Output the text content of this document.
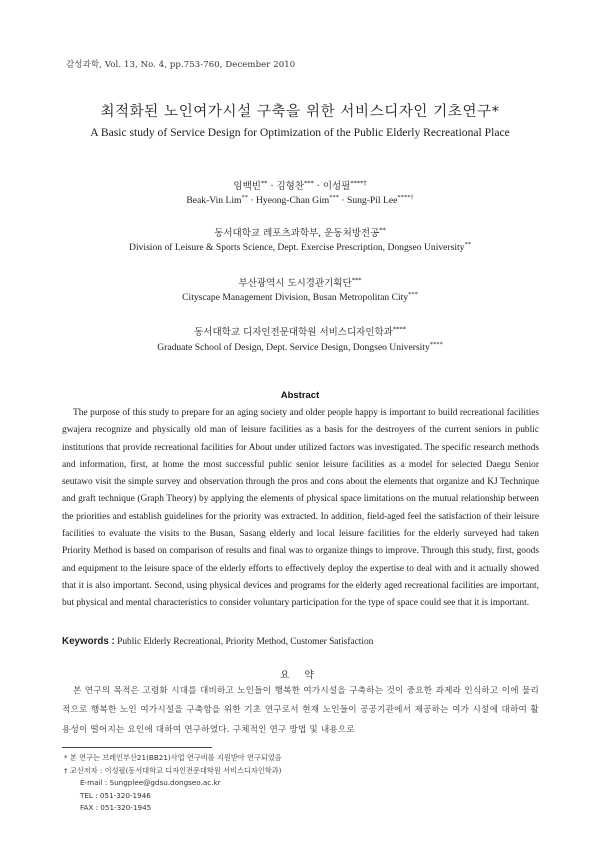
감성과학, Vol. 13, No. 4, pp.753-760, December 2010
최적화된 노인여가시설 구축을 위한 서비스디자인 기초연구*
A Basic study of Service Design for Optimization of the Public Elderly Recreational Place
임백빈** · 김형찬*** · 이성필****†
Beak-Vin Lim** · Hyeong-Chan Gim*** · Sung-Pil Lee****†
동서대학교 레포츠과학부, 운동처방전공**
Division of Leisure & Sports Science, Dept. Exercise Prescription, Dongseo University**
부산광역시 도시경관기획단***
Cityscape Management Division, Busan Metropolitan City***
동서대학교 디자인전문대학원 서비스디자인학과****
Graduate School of Design, Dept. Service Design, Dongseo University****
Abstract

The purpose of this study to prepare for an aging society and older people happy is important to build recreational facilities gwajera recognize and physically old man of leisure facilities as a basis for the destroyers of the current seniors in public institutions that provide recreational facilities for About under utilized factors was investigated. The specific research methods and information, first, at home the most successful public senior leisure facilities as a model for selected Daegu Senior seutawo visit the simple survey and observation through the pros and cons about the elements that organize and KJ Technique and graft technique (Graph Theory) by applying the elements of physical space limitations on the mutual relationship between the priorities and establish guidelines for the priority was extracted. In addition, field-aged feel the satisfaction of their leisure facilities to evaluate the visits to the Busan, Sasang elderly and local leisure facilities for the elderly surveyed had taken Priority Method is based on comparison of results and final was to organize things to improve. Through this study, first, goods and equipment to the leisure space of the elderly efforts to effectively deploy the expertise to deal with and it actually showed that it is also important. Second, using physical devices and programs for the elderly aged recreational facilities are important, but physical and mental characteristics to consider voluntary participation for the type of space could see that it is important.

Keywords : Public Elderly Recreational, Priority Method, Customer Satisfaction
요 약

본 연구의 목적은 고령화 시대를 대비하고 노인들이 행복한 여가시설을 구축하는 것이 중요한 과제라 인식하고 이에 물리적으로 행복한 노인 여가시설을 구축함을 위한 기초 연구로서 현재 노인들이 공공기관에서 제공하는 여가 시설에 대하여 활용성이 떨어지는 요인에 대하여 연구하였다. 구체적인 연구 방법 및 내용으로

* 본 연구는 브레인부산21(BB21)사업 연구비를 지원받아 연구되었음
† 교신저자 : 이성필(동서대학교 디자인전문대학원 서비스디자인학과)
E-mail : Sungplee@gdsu.dongseo.ac.kr
TEL : 051-320-1946
FAX : 051-320-1945
